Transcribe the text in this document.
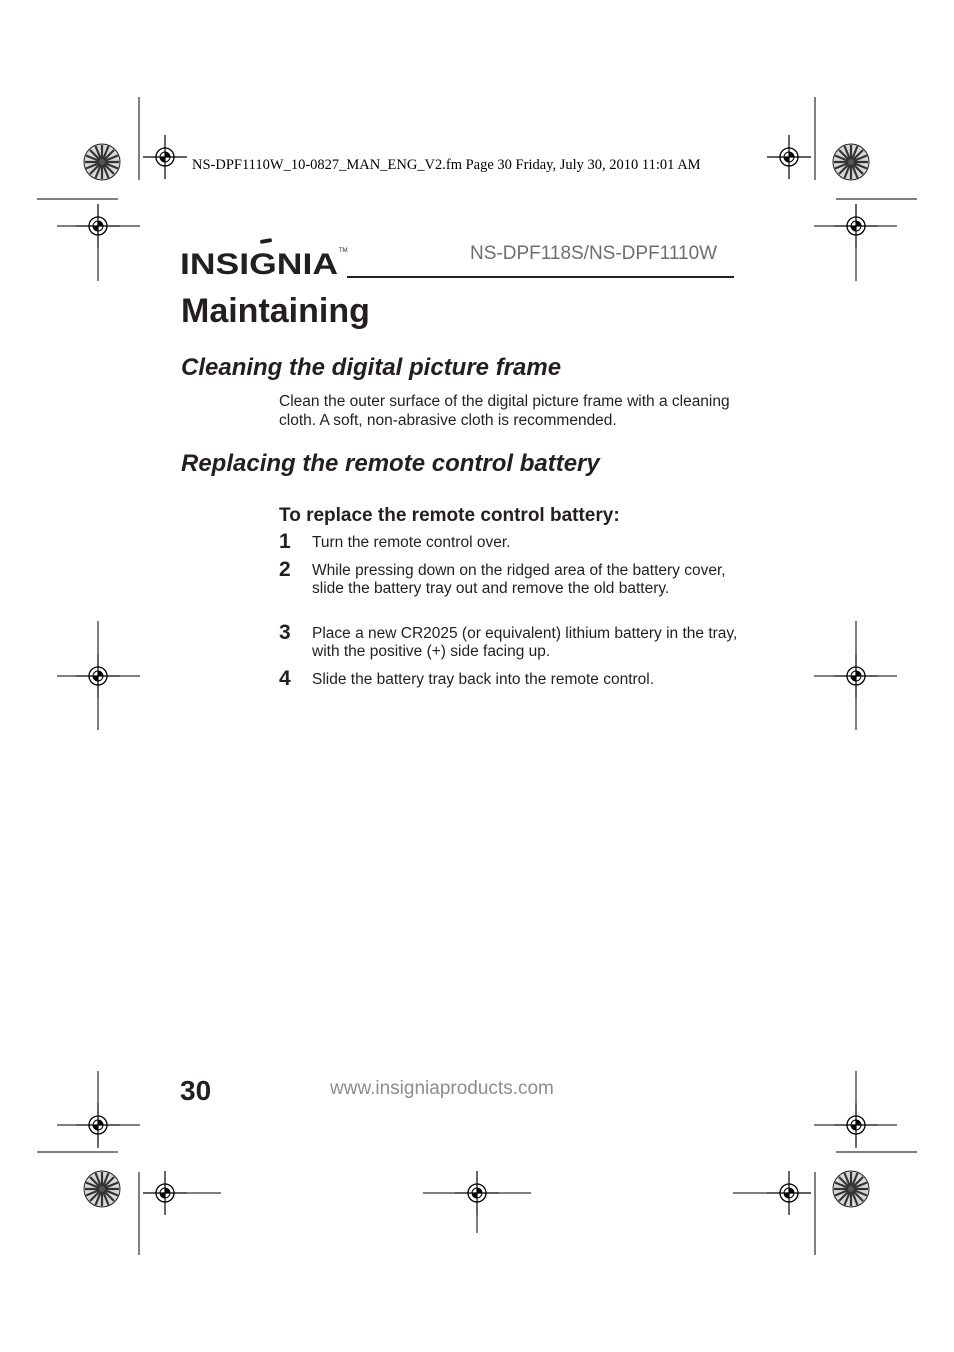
NS-DPF1110W_10-0827_MAN_ENG_V2.fm Page 30 Friday, July 30, 2010 11:01 AM
INSIGNIA TM	NS-DPF118S/NS-DPF1110W
Maintaining
Cleaning the digital picture frame

Clean the outer surface of the digital picture frame with a cleaning cloth. A soft, non-abrasive cloth is recommended.

Replacing the remote control battery

To replace the remote control battery:

1	Turn the remote control over.
2	While pressing down on the ridged area of the battery cover, slide the battery tray out and remove the old battery.
3	Place a new CR2025 (or equivalent) lithium battery in the tray, with the positive (+) side facing up.
4	Slide the battery tray back into the remote control.
30	www.insigniaproducts.com
